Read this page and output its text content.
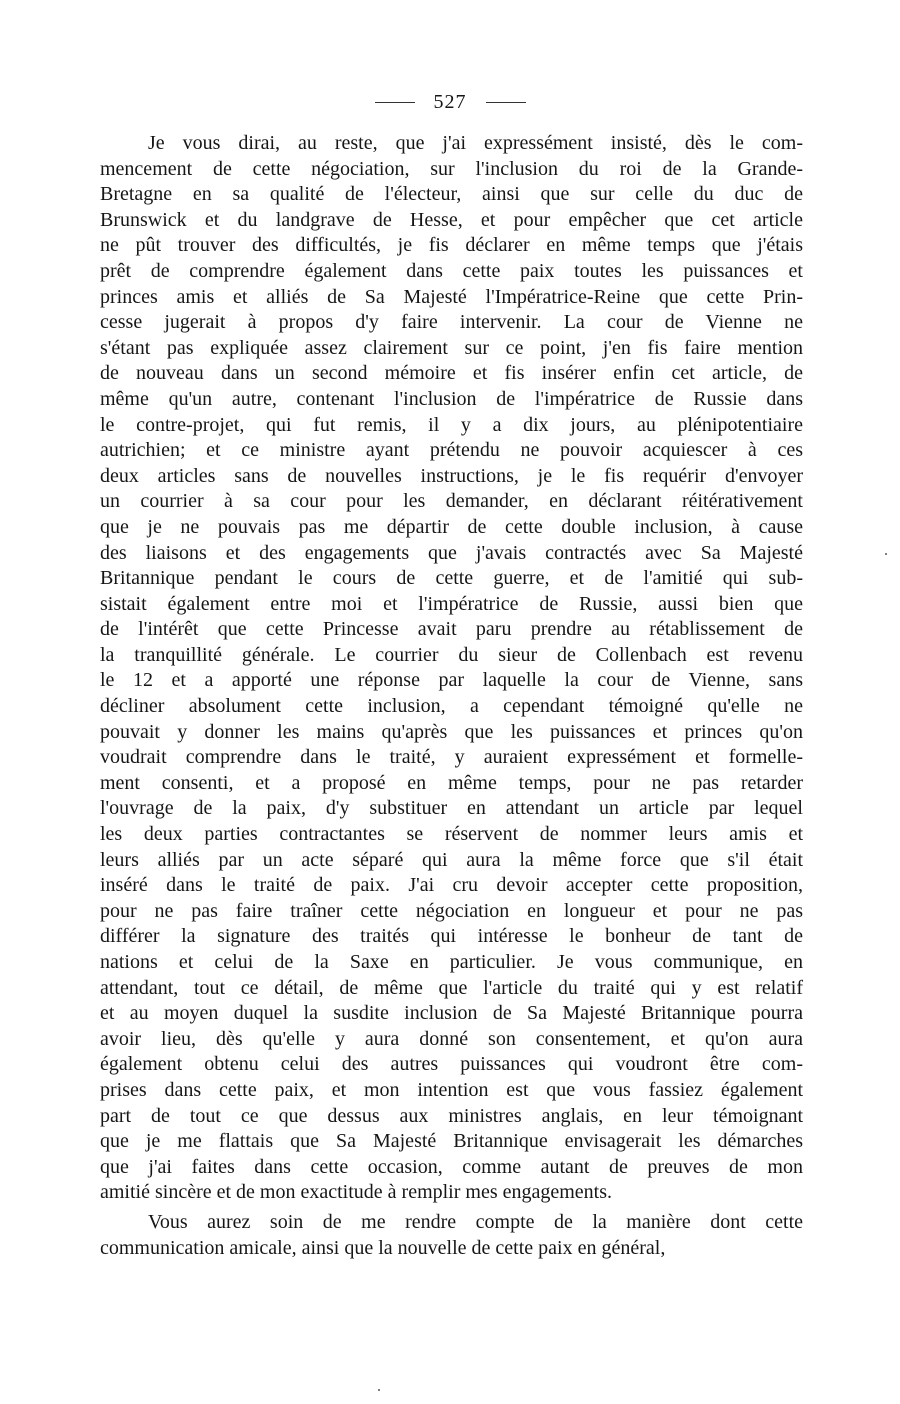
527
Je vous dirai, au reste, que j'ai expressément insisté, dès le com-
mencement de cette négociation, sur l'inclusion du roi de la Grande-
Bretagne en sa qualité de l'électeur, ainsi que sur celle du duc de
Brunswick et du landgrave de Hesse, et pour empêcher que cet article
ne pût trouver des difficultés, je fis déclarer en même temps que j'étais
prêt de comprendre également dans cette paix toutes les puissances et
princes amis et alliés de Sa Majesté l'Impératrice-Reine que cette Prin-
cesse jugerait à propos d'y faire intervenir. La cour de Vienne ne
s'étant pas expliquée assez clairement sur ce point, j'en fis faire mention
de nouveau dans un second mémoire et fis insérer enfin cet article, de
même qu'un autre, contenant l'inclusion de l'impératrice de Russie dans
le contre-projet, qui fut remis, il y a dix jours, au plénipotentiaire
autrichien; et ce ministre ayant prétendu ne pouvoir acquiescer à ces
deux articles sans de nouvelles instructions, je le fis requérir d'envoyer
un courrier à sa cour pour les demander, en déclarant réitérativement
que je ne pouvais pas me départir de cette double inclusion, à cause
des liaisons et des engagements que j'avais contractés avec Sa Majesté
Britannique pendant le cours de cette guerre, et de l'amitié qui sub-
sistait également entre moi et l'impératrice de Russie, aussi bien que
de l'intérêt que cette Princesse avait paru prendre au rétablissement de
la tranquillité générale. Le courrier du sieur de Collenbach est revenu
le 12 et a apporté une réponse par laquelle la cour de Vienne, sans
décliner absolument cette inclusion, a cependant témoigné qu'elle ne
pouvait y donner les mains qu'après que les puissances et princes qu'on
voudrait comprendre dans le traité, y auraient expressément et formelle-
ment consenti, et a proposé en même temps, pour ne pas retarder
l'ouvrage de la paix, d'y substituer en attendant un article par lequel
les deux parties contractantes se réservent de nommer leurs amis et
leurs alliés par un acte séparé qui aura la même force que s'il était
inséré dans le traité de paix. J'ai cru devoir accepter cette proposition,
pour ne pas faire traîner cette négociation en longueur et pour ne pas
différer la signature des traités qui intéresse le bonheur de tant de
nations et celui de la Saxe en particulier. Je vous communique, en
attendant, tout ce détail, de même que l'article du traité qui y est relatif
et au moyen duquel la susdite inclusion de Sa Majesté Britannique pourra
avoir lieu, dès qu'elle y aura donné son consentement, et qu'on aura
également obtenu celui des autres puissances qui voudront être com-
prises dans cette paix, et mon intention est que vous fassiez également
part de tout ce que dessus aux ministres anglais, en leur témoignant
que je me flattais que Sa Majesté Britannique envisagerait les démarches
que j'ai faites dans cette occasion, comme autant de preuves de mon
amitié sincère et de mon exactitude à remplir mes engagements.
Vous aurez soin de me rendre compte de la manière dont cette
communication amicale, ainsi que la nouvelle de cette paix en général,
